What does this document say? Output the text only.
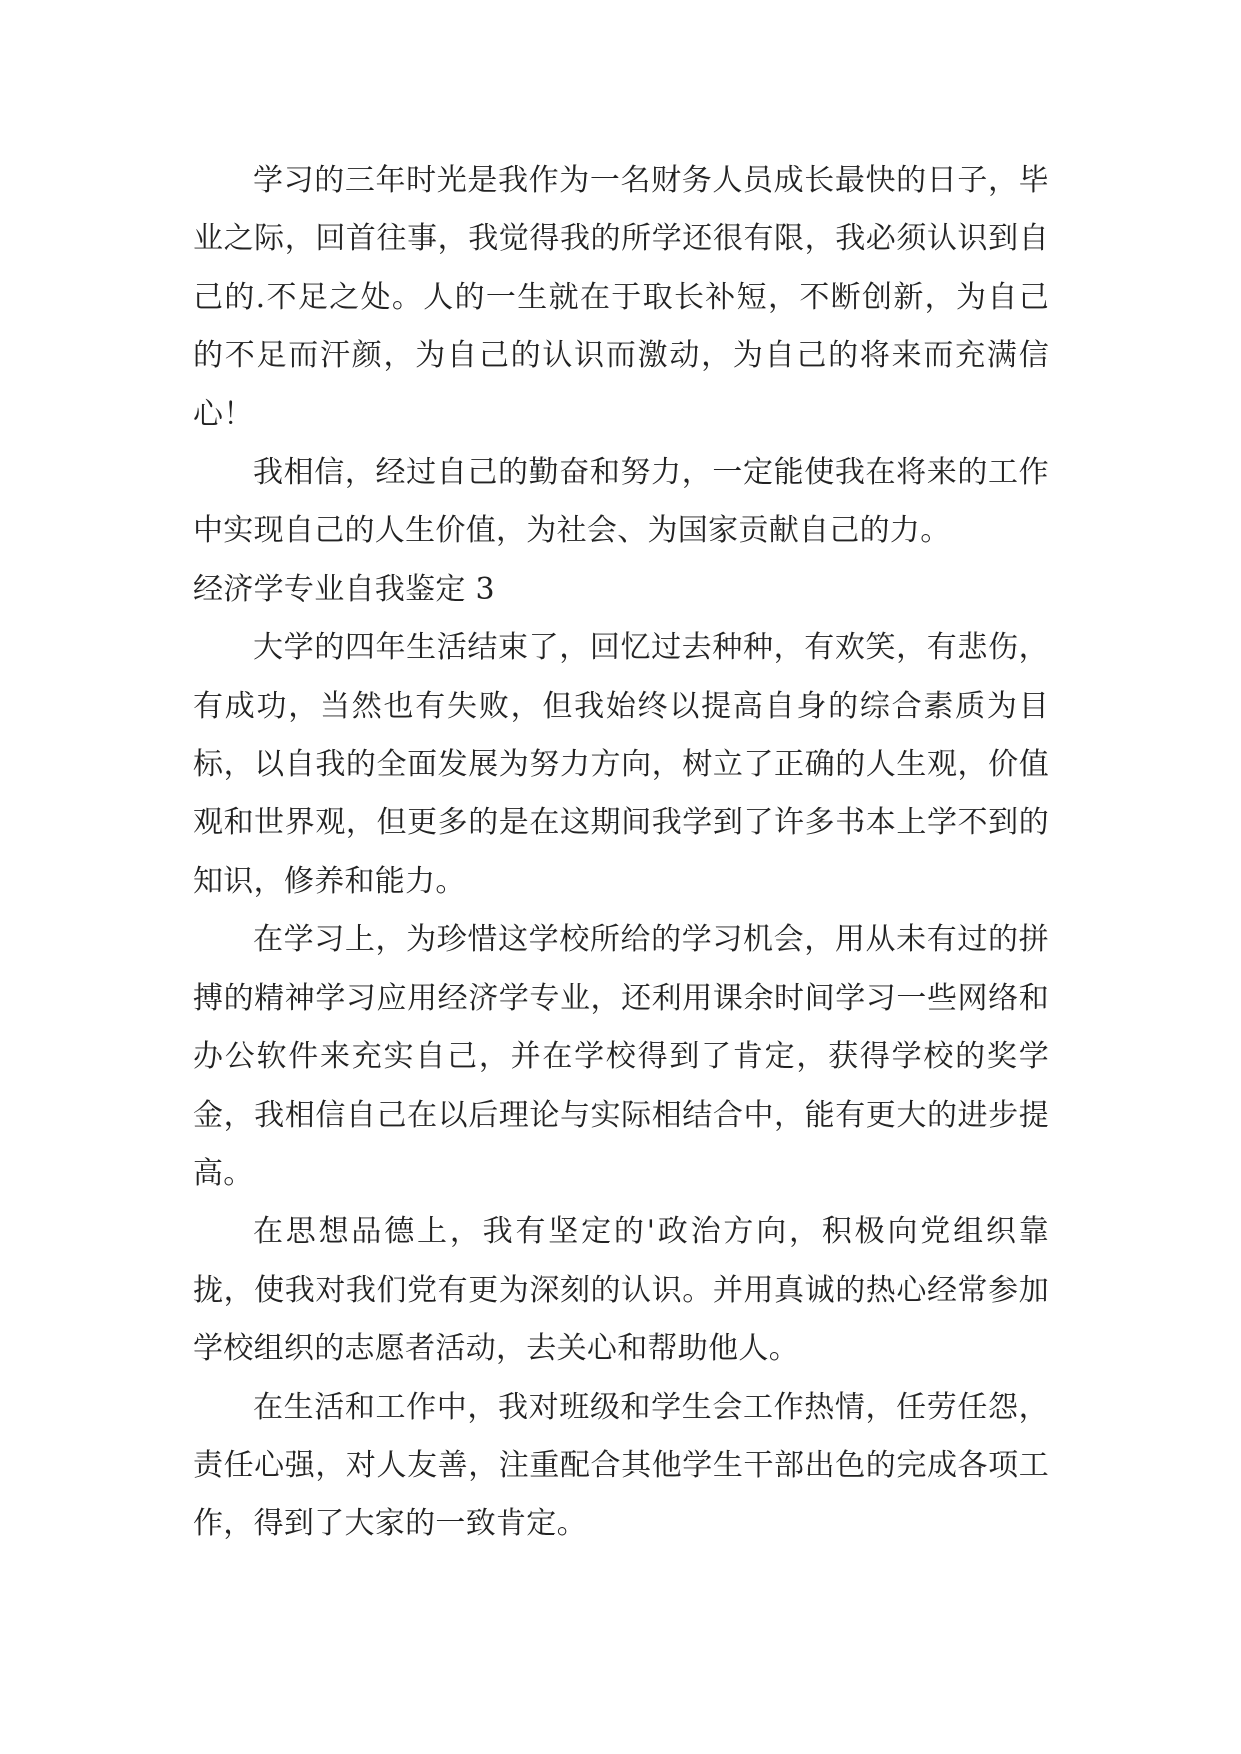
学习的三年时光是我作为一名财务人员成长最快的日子，毕业之际，回首往事，我觉得我的所学还很有限，我必须认识到自己的.不足之处。人的一生就在于取长补短，不断创新，为自己的不足而汗颜，为自己的认识而激动，为自己的将来而充满信心！

我相信，经过自己的勤奋和努力，一定能使我在将来的工作中实现自己的人生价值，为社会、为国家贡献自己的力。

经济学专业自我鉴定 3

大学的四年生活结束了，回忆过去种种，有欢笑，有悲伤，有成功，当然也有失败，但我始终以提高自身的综合素质为目标，以自我的全面发展为努力方向，树立了正确的人生观，价值观和世界观，但更多的是在这期间我学到了许多书本上学不到的知识，修养和能力。

在学习上，为珍惜这学校所给的学习机会，用从未有过的拼搏的精神学习应用经济学专业，还利用课余时间学习一些网络和办公软件来充实自己，并在学校得到了肯定，获得学校的奖学金，我相信自己在以后理论与实际相结合中，能有更大的进步提高。

在思想品德上，我有坚定的'政治方向，积极向党组织靠拢，使我对我们党有更为深刻的认识。并用真诚的热心经常参加学校组织的志愿者活动，去关心和帮助他人。

在生活和工作中，我对班级和学生会工作热情，任劳任怨，责任心强，对人友善，注重配合其他学生干部出色的完成各项工作，得到了大家的一致肯定。
